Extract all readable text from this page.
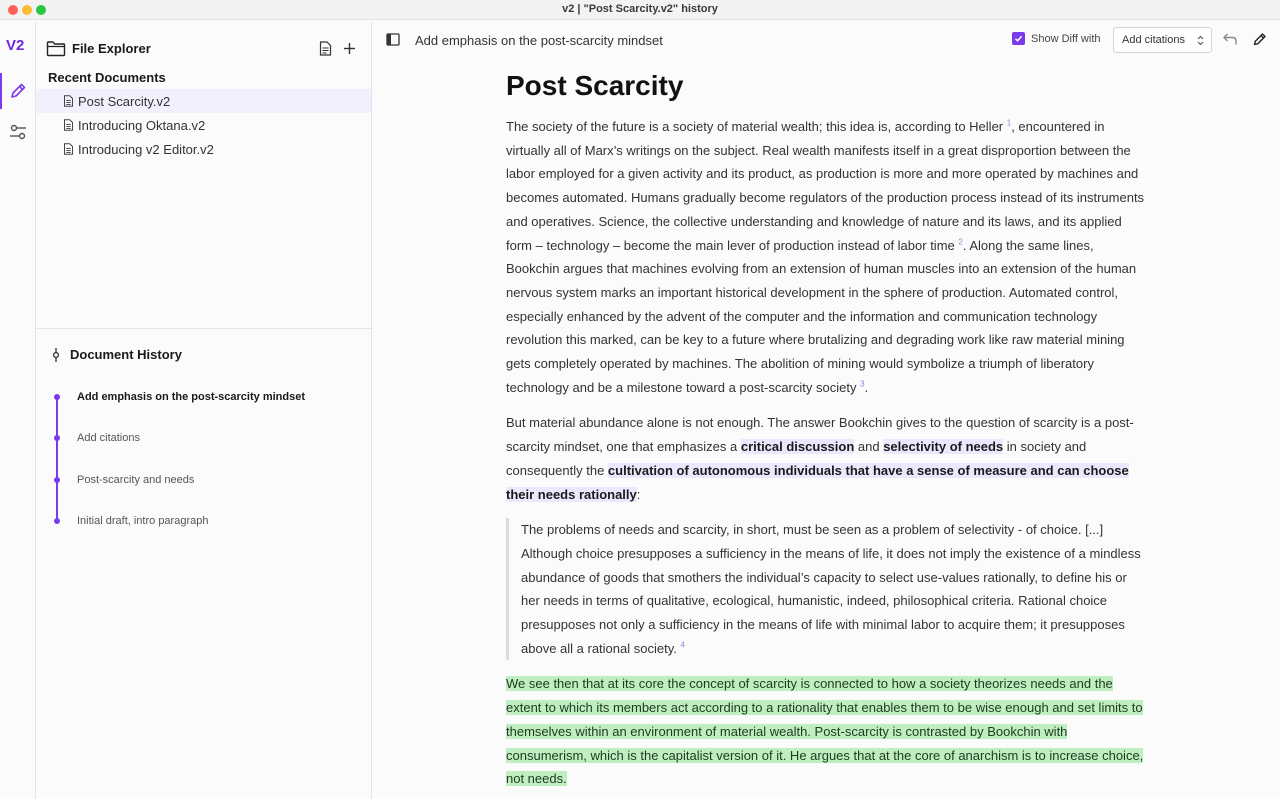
v2 | "Post Scarcity.v2" history
V2	File Explorer
Recent Documents
Post Scarcity.v2
Introducing Oktana.v2
Introducing v2 Editor.v2
Document History
Add emphasis on the post-scarcity mindset
Add citations
Post-scarcity and needs
Initial draft, intro paragraph
Add emphasis on the post-scarcity mindset	Show Diff with Add citations
Post Scarcity

The society of the future is a society of material wealth; this idea is, according to Heller $^1$, encountered in virtually all of Marx’s writings on the subject. Real wealth manifests itself in a great disproportion between the labor employed for a given activity and its product, as production is more and more operated by machines and becomes automated. Humans gradually become regulators of the production process instead of its instruments and operatives. Science, the collective understanding and knowledge of nature and its laws, and its applied form – technology – become the main lever of production instead of labor time $^2$. Along the same lines, Bookchin argues that machines evolving from an extension of human muscles into an extension of the human nervous system marks an important historical development in the sphere of production. Automated control, especially enhanced by the advent of the computer and the information and communication technology revolution this marked, can be key to a future where brutalizing and degrading work like raw material mining gets completely operated by machines. The abolition of mining would symbolize a triumph of liberatory technology and be a milestone toward a post-scarcity society $^3$.

But material abundance alone is not enough. The answer Bookchin gives to the question of scarcity is a post-scarcity mindset, one that emphasizes a critical discussion and selectivity of needs in society and consequently the cultivation of autonomous individuals that have a sense of measure and can choose their needs rationally:

The problems of needs and scarcity, in short, must be seen as a problem of selectivity - of choice. [...] Although choice presupposes a sufficiency in the means of life, it does not imply the existence of a mindless abundance of goods that smothers the individual’s capacity to select use-values rationally, to define his or her needs in terms of qualitative, ecological, humanistic, indeed, philosophical criteria. Rational choice presupposes not only a sufficiency in the means of life with minimal labor to acquire them; it presupposes above all a rational society. $^4$

We see then that at its core the concept of scarcity is connected to how a society theorizes needs and the extent to which its members act according to a rationality that enables them to be wise enough and set limits to themselves within an environment of material wealth. Post-scarcity is contrasted by Bookchin with consumerism, which is the capitalist version of it. He argues that at the core of anarchism is to increase choice, not needs.
